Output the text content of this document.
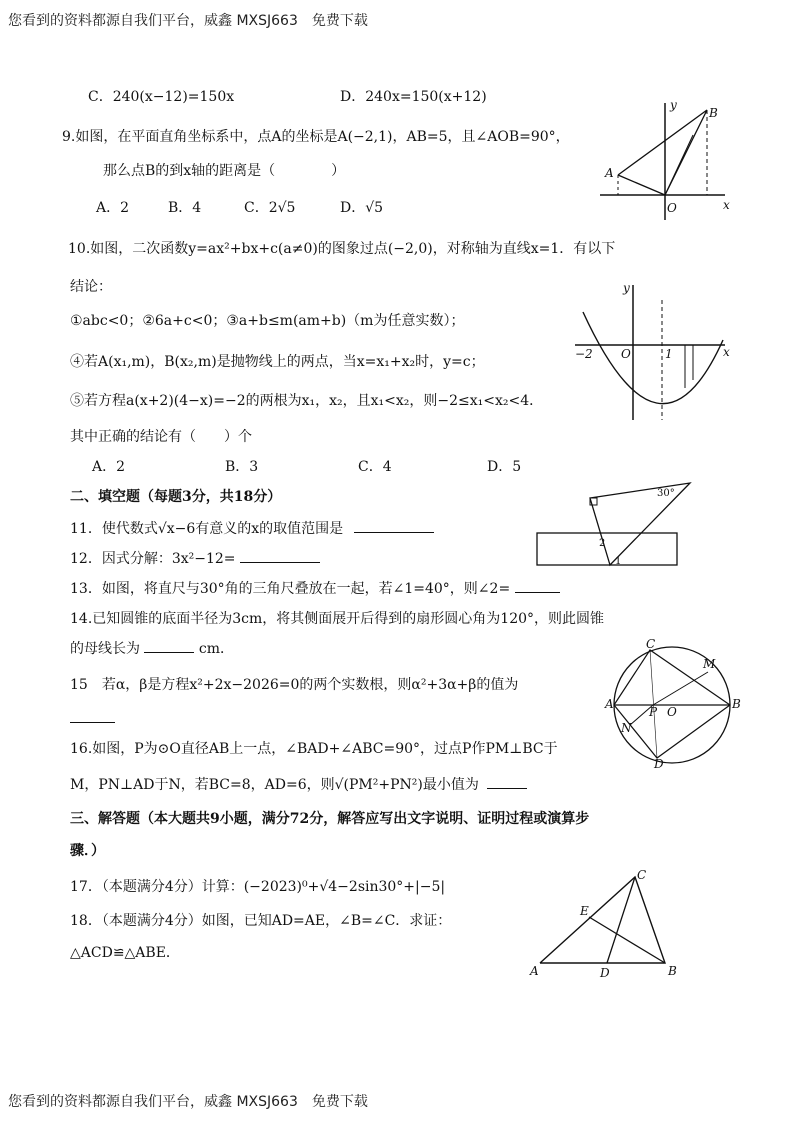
您看到的资料都源自我们平台，威鑫 MXSJ663　免费下载
您看到的资料都源自我们平台，威鑫 MXSJ663　免费下载
C．240(x−12)=150x	D．240x=150(x+12)
9.如图，在平面直角坐标系中，点A的坐标是A(−2,1)，AB=5，且∠AOB=90°，
那么点B的到x轴的距离是（　　　　）
A．2	B．4	C．2√5	D．√5
A
B
O	x
y
10.如图，二次函数y=ax²+bx+c(a≠0)的图象过点(−2,0)，对称轴为直线x=1．有以下
结论：
①abc<0；②6a+c<0；③a+b≤m(am+b)（m为任意实数）；
④若A(x₁,m)，B(x₂,m)是抛物线上的两点，当x=x₁+x₂时，y=c；
⑤若方程a(x+2)(4−x)=−2的两根为x₁，x₂，且x₁<x₂，则−2≤x₁<x₂<4．
其中正确的结论有（　　）个
A．2	B．3	C．4	D．5
−2 O	1	x
y
二、填空题（每题3分，共18分）
11．使代数式√x−6有意义的x的取值范围是
12．因式分解：3x²−12=
13．如图，将直尺与30°角的三角尺叠放在一起，若∠1=40°，则∠2=
30°
2
1
14.已知圆锥的底面半径为3cm，将其侧面展开后得到的扇形圆心角为120°，则此圆锥
的母线长为	cm．
15　若α，β是方程x²+2x−2026=0的两个实数根，则α²+3α+β的值为
A	B
C
D
M
N
P O
16.如图，P为⊙O直径AB上一点，∠BAD+∠ABC=90°，过点P作PM⊥BC于
M，PN⊥AD于N，若BC=8，AD=6，则√(PM²+PN²)最小值为
三、解答题（本大题共9小题，满分72分，解答应写出文字说明、证明过程或演算步
骤．）
17．（本题满分4分）计算：(−2023)⁰+√4−2sin30°+|−5|
18．（本题满分4分）如图，已知AD=AE，∠B=∠C．求证：
△ACD≌△ABE．
A	B
C
D
E
